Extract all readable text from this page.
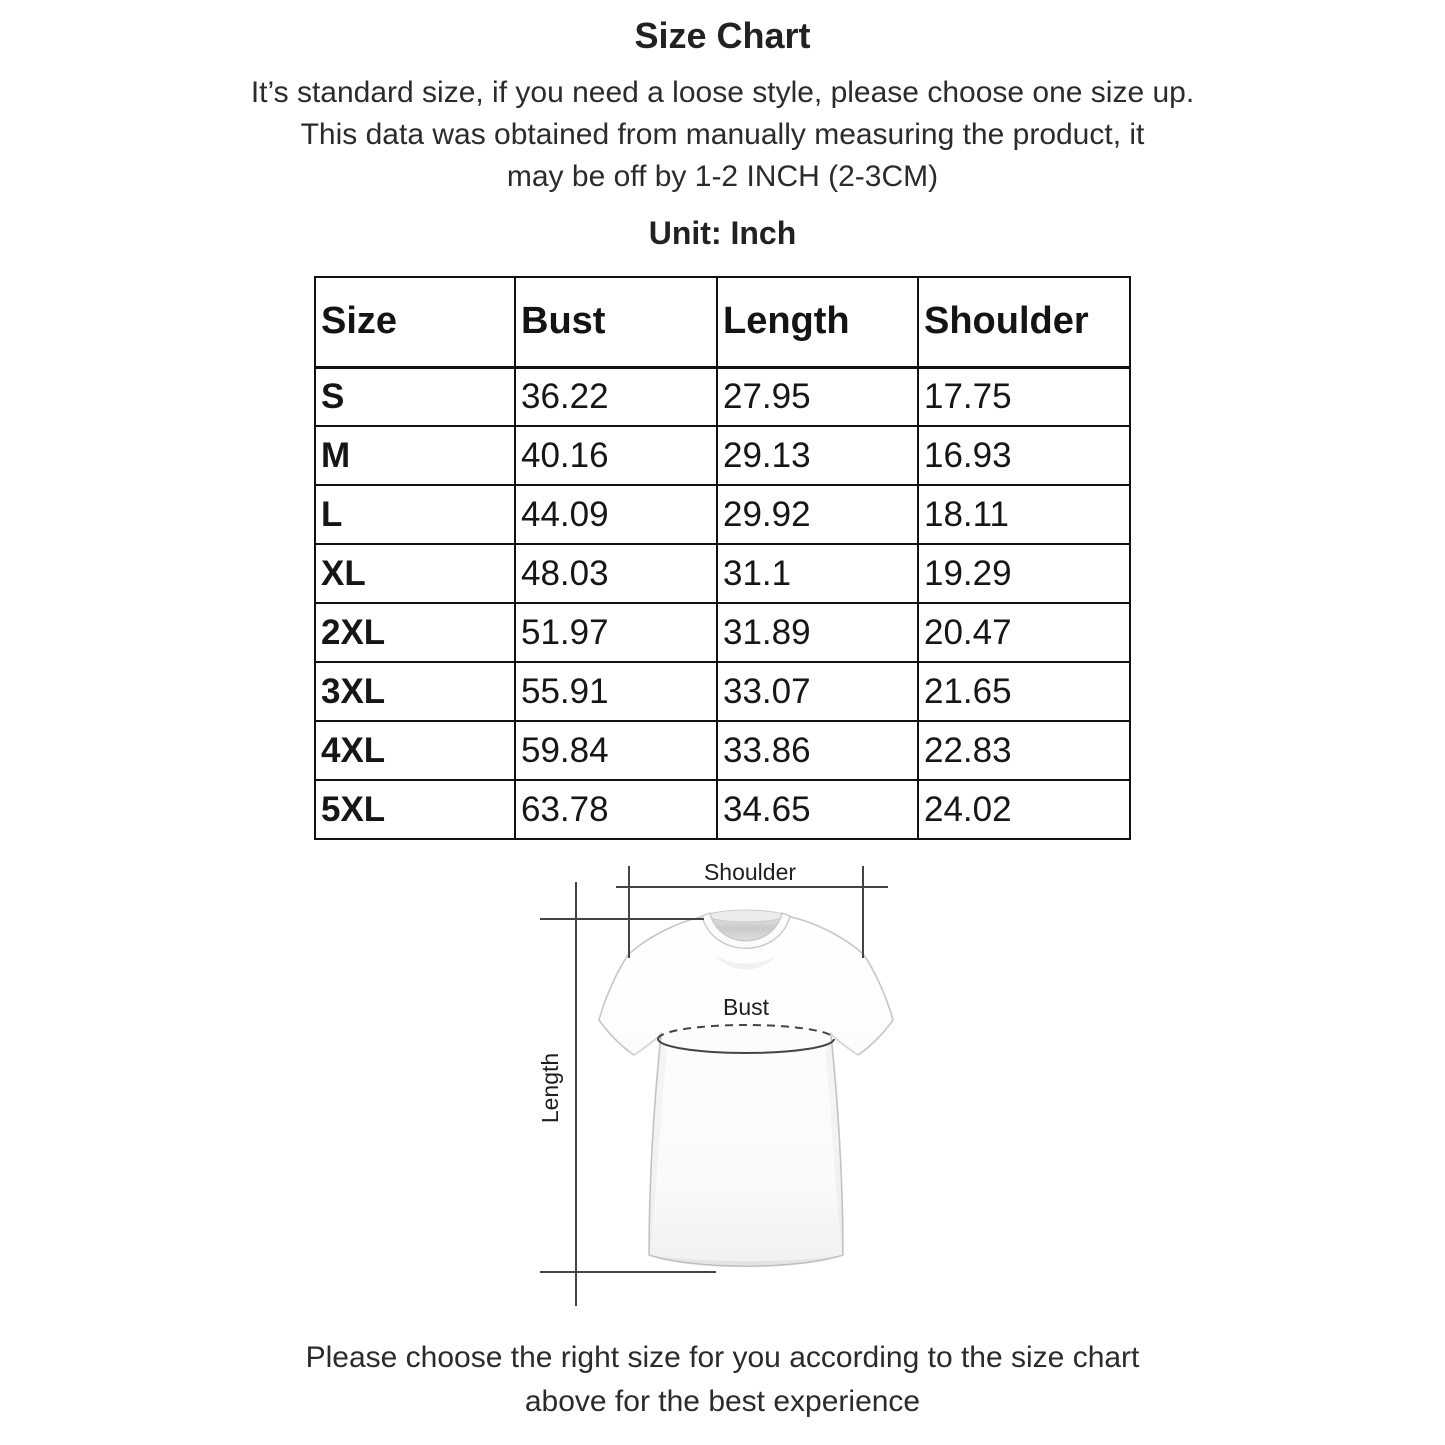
Size Chart
It’s standard size, if you need a loose style, please choose one size up.
This data was obtained from manually measuring the product, it
may be off by 1-2 INCH (2-3CM)
Unit: Inch
Size	Bust	Length	Shoulder
S	36.22	27.95	17.75
M	40.16	29.13	16.93
L	44.09	29.92	18.11
XL	48.03	31.1	19.29
2XL	51.97	31.89	20.47
3XL	55.91	33.07	21.65
4XL	59.84	33.86	22.83
5XL	63.78	34.65	24.02
Shoulder
Bust
Length
Please choose the right size for you according to the size chart
above for the best experience
